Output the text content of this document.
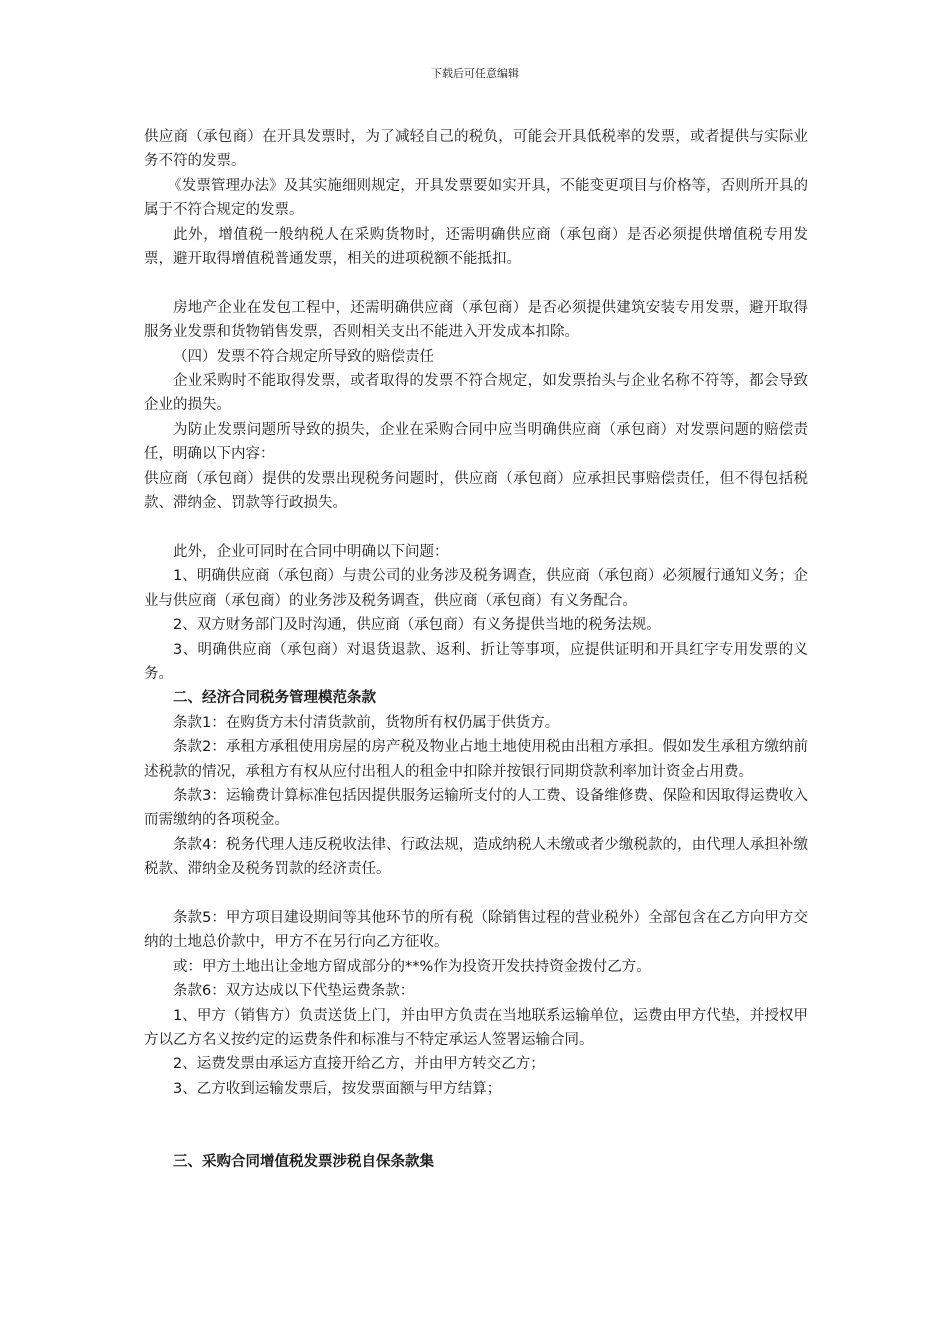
下载后可任意编辑

供应商（承包商）在开具发票时，为了减轻自己的税负，可能会开具低税率的发票，或者提供与实际业务不符的发票。

《发票管理办法》及其实施细则规定，开具发票要如实开具，不能变更项目与价格等，否则所开具的属于不符合规定的发票。

此外，增值税一般纳税人在采购货物时，还需明确供应商（承包商）是否必须提供增值税专用发票，避开取得增值税普通发票，相关的进项税额不能抵扣。

房地产企业在发包工程中，还需明确供应商（承包商）是否必须提供建筑安装专用发票，避开取得服务业发票和货物销售发票，否则相关支出不能进入开发成本扣除。

（四）发票不符合规定所导致的赔偿责任

企业采购时不能取得发票，或者取得的发票不符合规定，如发票抬头与企业名称不符等，都会导致企业的损失。

为防止发票问题所导致的损失，企业在采购合同中应当明确供应商（承包商）对发票问题的赔偿责任，明确以下内容：

供应商（承包商）提供的发票出现税务问题时，供应商（承包商）应承担民事赔偿责任，但不得包括税款、滞纳金、罚款等行政损失。

此外，企业可同时在合同中明确以下问题：

1、明确供应商（承包商）与贵公司的业务涉及税务调查，供应商（承包商）必须履行通知义务；企业与供应商（承包商）的业务涉及税务调查，供应商（承包商）有义务配合。

2、双方财务部门及时沟通，供应商（承包商）有义务提供当地的税务法规。

3、明确供应商（承包商）对退货退款、返利、折让等事项，应提供证明和开具红字专用发票的义务。

二、经济合同税务管理模范条款

条款1：在购货方未付清货款前，货物所有权仍属于供货方。

条款2：承租方承租使用房屋的房产税及物业占地土地使用税由出租方承担。假如发生承租方缴纳前述税款的情况，承租方有权从应付出租人的租金中扣除并按银行同期贷款利率加计资金占用费。

条款3：运输费计算标准包括因提供服务运输所支付的人工费、设备维修费、保险和因取得运费收入而需缴纳的各项税金。

条款4：税务代理人违反税收法律、行政法规，造成纳税人未缴或者少缴税款的，由代理人承担补缴税款、滞纳金及税务罚款的经济责任。

条款5：甲方项目建设期间等其他环节的所有税（除销售过程的营业税外）全部包含在乙方向甲方交纳的土地总价款中，甲方不在另行向乙方征收。

或：甲方土地出让金地方留成部分的**%作为投资开发扶持资金拨付乙方。

条款6：双方达成以下代垫运费条款：

1、甲方（销售方）负责送货上门，并由甲方负责在当地联系运输单位，运费由甲方代垫，并授权甲方以乙方名义按约定的运费条件和标准与不特定承运人签署运输合同。

2、运费发票由承运方直接开给乙方，并由甲方转交乙方；

3、乙方收到运输发票后，按发票面额与甲方结算；

三、采购合同增值税发票涉税自保条款集
